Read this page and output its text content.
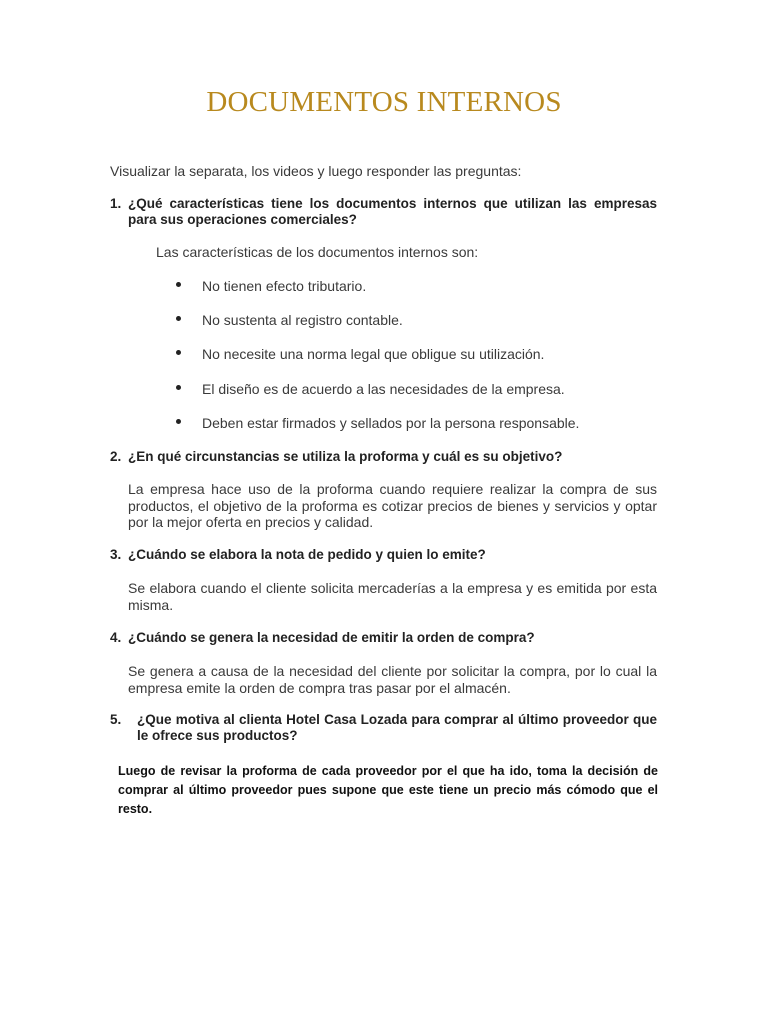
DOCUMENTOS INTERNOS
Visualizar la separata, los videos y luego responder las preguntas:
1. ¿Qué características tiene los documentos internos que utilizan las empresas para sus operaciones comerciales?
Las características de los documentos internos son:
No tienen efecto tributario.
No sustenta al registro contable.
No necesite una norma legal que obligue su utilización.
El diseño es de acuerdo a las necesidades de la empresa.
Deben estar firmados y sellados por la persona responsable.
2. ¿En qué circunstancias se utiliza la proforma y cuál es su objetivo?
La empresa hace uso de la proforma cuando requiere realizar la compra de sus productos, el objetivo de la proforma es cotizar precios de bienes y servicios y optar por la mejor oferta en precios y calidad.
3. ¿Cuándo se elabora la nota de pedido y quien lo emite?
Se elabora cuando el cliente solicita mercaderías a la empresa y es emitida por esta misma.
4. ¿Cuándo se genera la necesidad de emitir la orden de compra?
Se genera a causa de la necesidad del cliente por solicitar la compra, por lo cual la empresa emite la orden de compra tras pasar por el almacén.
5. ¿Que motiva al clienta Hotel Casa Lozada para comprar al último proveedor que le ofrece sus productos?
Luego de revisar la proforma de cada proveedor por el que ha ido, toma la decisión de comprar al último proveedor pues supone que este tiene un precio más cómodo que el resto.
